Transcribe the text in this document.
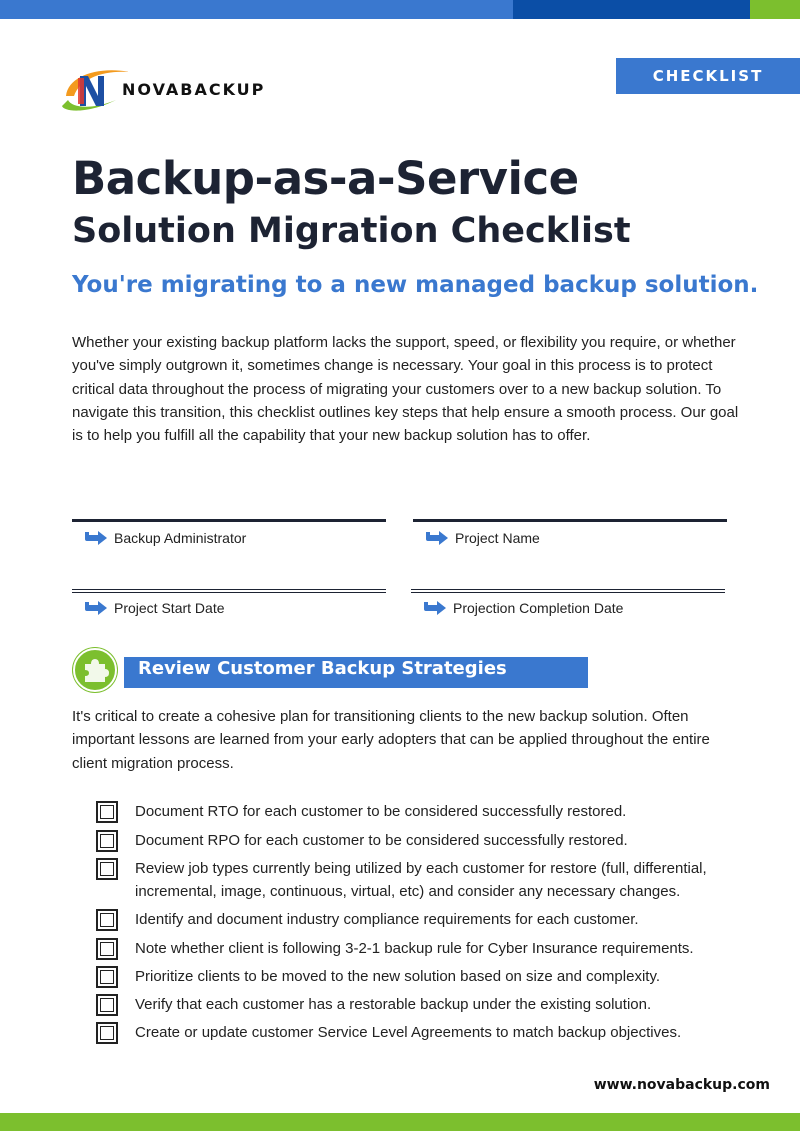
NOVABACKUP
CHECKLIST
Backup-as-a-Service
Solution Migration Checklist
You're migrating to a new managed backup solution.
Whether your existing backup platform lacks the support, speed, or flexibility you require, or whether you've simply outgrown it, sometimes change is necessary. Your goal in this process is to protect critical data throughout the process of migrating your customers over to a new backup solution. To navigate this transition, this checklist outlines key steps that help ensure a smooth process. Our goal is to help you fulfill all the capability that your new backup solution has to offer.
Backup Administrator	Project Name
Project Start Date	Projection Completion Date
Review Customer Backup Strategies
It's critical to create a cohesive plan for transitioning clients to the new backup solution. Often important lessons are learned from your early adopters that can be applied throughout the entire client migration process.
Document RTO for each customer to be considered successfully restored.
Document RPO for each customer to be considered successfully restored.
Review job types currently being utilized by each customer for restore (full, differential, incremental, image, continuous, virtual, etc) and consider any necessary changes.
Identify and document industry compliance requirements for each customer.
Note whether client is following 3-2-1 backup rule for Cyber Insurance requirements.
Prioritize clients to be moved to the new solution based on size and complexity.
Verify that each customer has a restorable backup under the existing solution.
Create or update customer Service Level Agreements to match backup objectives.
www.novabackup.com
